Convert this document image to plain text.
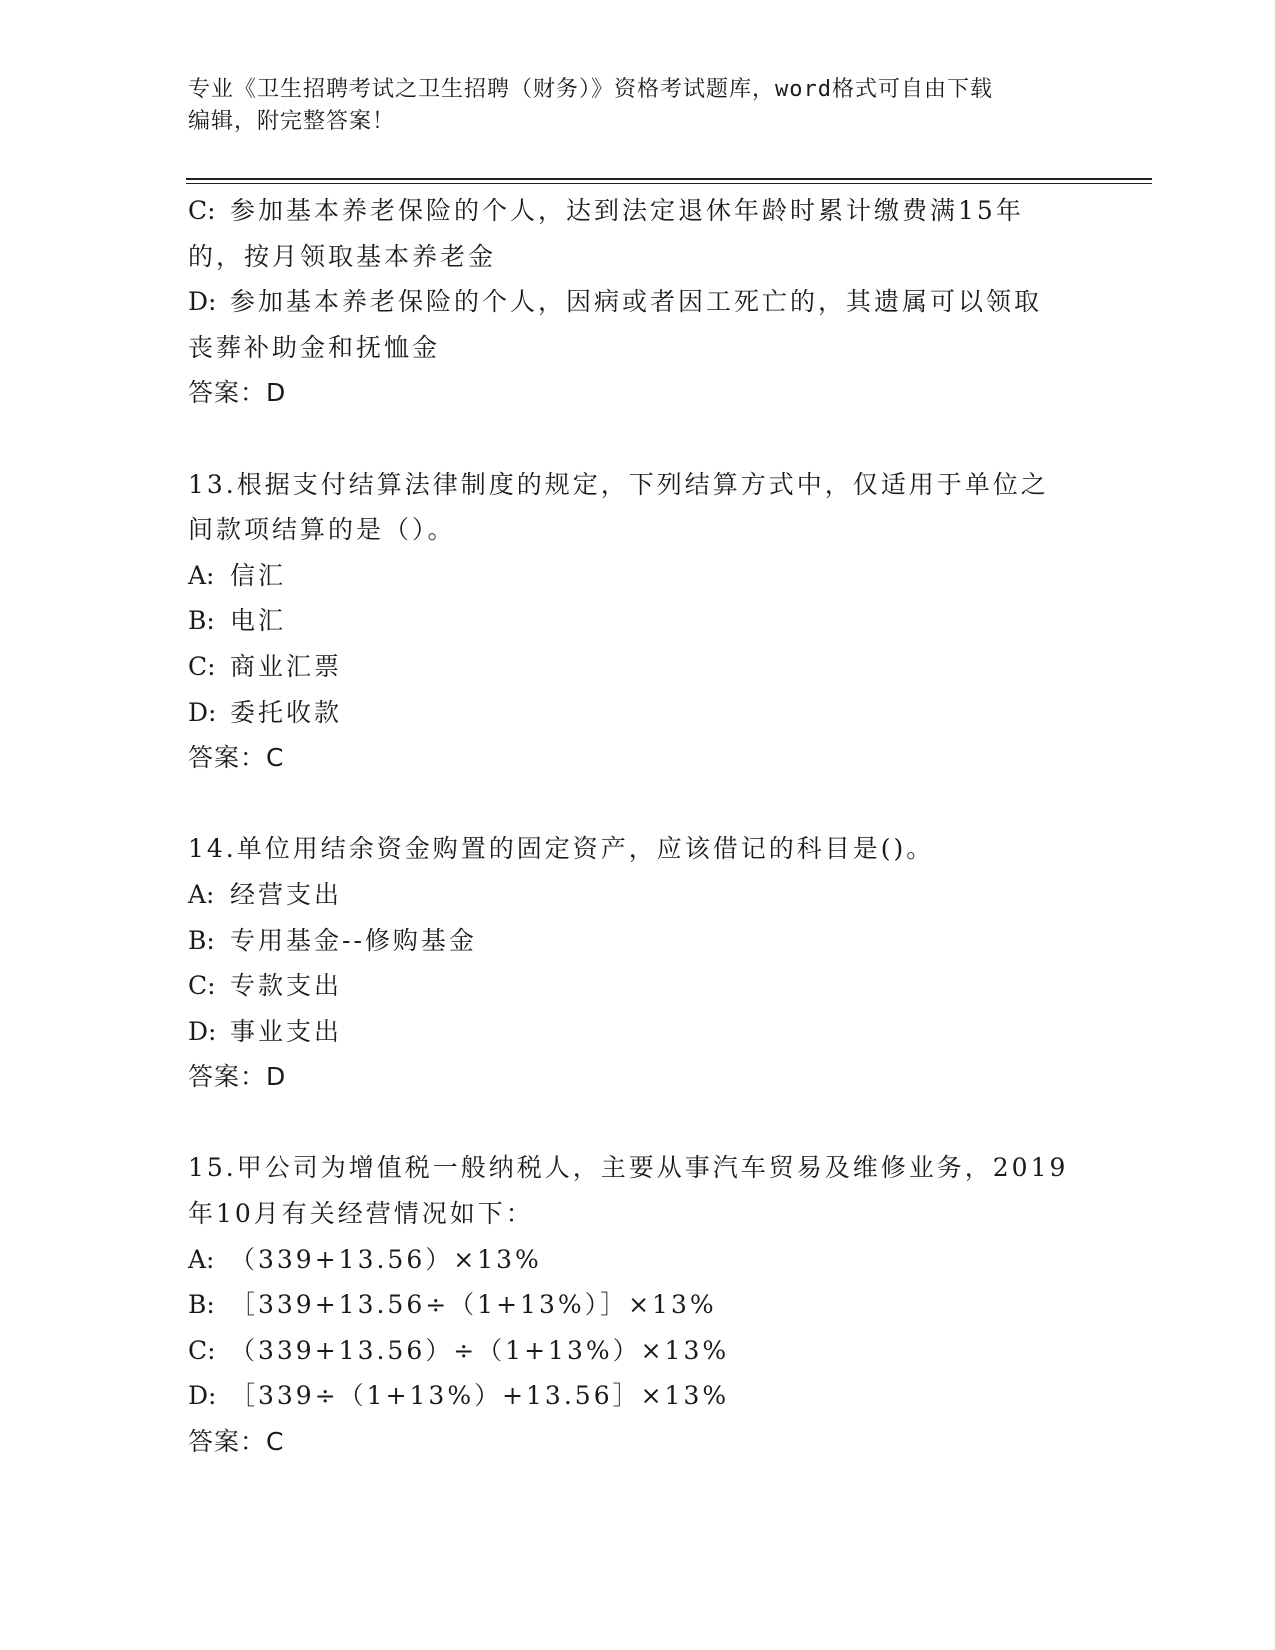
专业《卫生招聘考试之卫生招聘（财务）》资格考试题库，word格式可自由下载
编辑，附完整答案！
C: 参加基本养老保险的个人，达到法定退休年龄时累计缴费满15年
的，按月领取基本养老金
D: 参加基本养老保险的个人，因病或者因工死亡的，其遗属可以领取
丧葬补助金和抚恤金
答案：D
13.根据支付结算法律制度的规定，下列结算方式中，仅适用于单位之
间款项结算的是（）。
A: 信汇
B: 电汇
C: 商业汇票
D: 委托收款
答案：C
14.单位用结余资金购置的固定资产，应该借记的科目是()。
A: 经营支出
B: 专用基金--修购基金
C: 专款支出
D: 事业支出
答案：D
15.甲公司为增值税一般纳税人，主要从事汽车贸易及维修业务，2019
年10月有关经营情况如下：
A: （339+13.56）×13%
B: ［339+13.56÷（1+13%）］×13%
C: （339+13.56）÷（1+13%）×13%
D: ［339÷（1+13%）+13.56］×13%
答案：C
